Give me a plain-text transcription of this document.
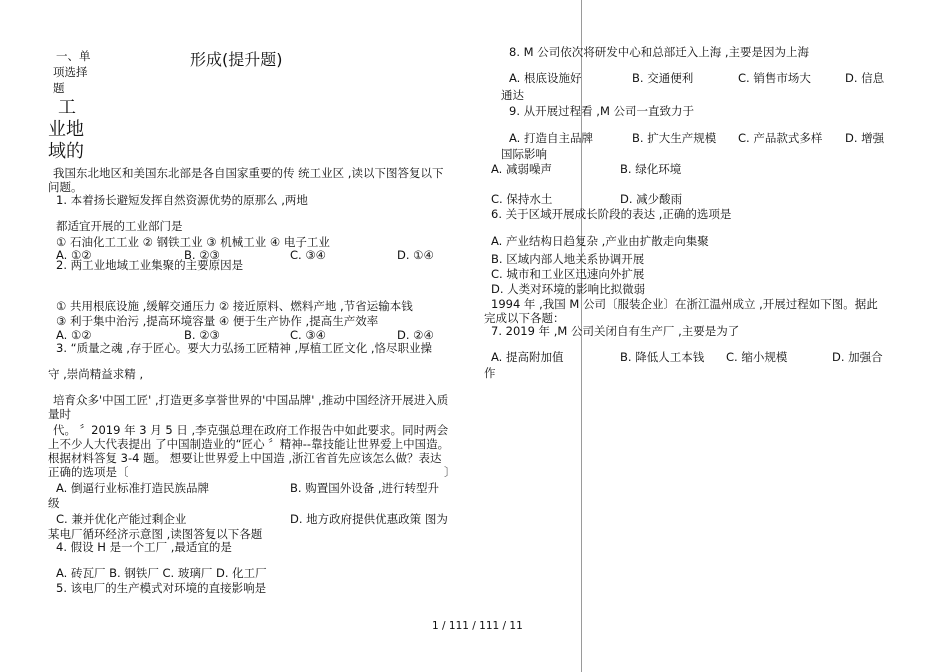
一、单
项选择
题
形成(提升题)
工
业地
域的
我国东北地区和美国东北部是各自国家重要的传 统工业区 ,读以下图答复以下
问题。
1. 本着扬长避短发挥自然资源优势的原那么 ,两地
都适宜开展的工业部门是
① 石油化工工业 ② 钢铁工业 ③ 机械工业 ④ 电子工业
A. ①②	B. ②③	C. ③④	D. ①④
2. 两工业地域工业集聚的主要原因是
① 共用根底设施 ,缓解交通压力 ② 接近原料、燃料产地 ,节省运输本钱
③ 利于集中治污 ,提高环境容量 ④ 便于生产协作 ,提高生产效率
A. ①②	B. ②③	C. ③④	D. ②④
3. “质量之魂 ,存于匠心。要大力弘扬工匠精神 ,厚植工匠文化 ,恪尽职业操
守 ,崇尚精益求精 ,
培育众多'中国工匠' ,打造更多享誉世界的'中国品牌' ,推动中国经济开展进入质
量时
代。 〞2019 年 3 月 5 日 ,李克强总理在政府工作报告中如此要求。同时两会
上不少人大代表提出 了中国制造业的“匠心 〞精神--靠技能让世界爱上中国造。
根据材料答复 3-4 题。 想要让世界爱上中国造 ,浙江省首先应该怎么做？表达
正确的选项是〔	〕
A. 倒逼行业标准打造民族品牌	B. 购置国外设备 ,进行转型升
级
C. 兼并优化产能过剩企业	D. 地方政府提供优惠政策 图为
某电厂循环经济示意图 ,读图答复以下各题
4. 假设 H 是一个工厂 ,最适宜的是
A. 砖瓦厂 B. 钢铁厂 C. 玻璃厂 D. 化工厂
5. 该电厂的生产模式对环境的直接影响是
1 / 111 / 111 / 11
8. M 公司依次将研发中心和总部迁入上海 ,主要是因为上海
A. 根底设施好	B. 交通便利	C. 销售市场大	D. 信息
通达
9. 从开展过程看 ,M 公司一直致力于
A. 打造自主品牌	B. 扩大生产规模 C. 产品款式多样 D. 增强
国际影响
A. 减弱噪声	B. 绿化环境
C. 保持水土	D. 减少酸雨
6. 关于区域开展成长阶段的表达 ,正确的选项是
A. 产业结构日趋复杂 ,产业由扩散走向集聚
B. 区域内部人地关系协调开展
C. 城市和工业区迅速向外扩展
D. 人类对环境的影响比拟微弱
1994 年 ,我国 M 公司〔服装企业〕在浙江温州成立 ,开展过程如下图。据此
完成以下各题：
7. 2019 年 ,M 公司关闭自有生产厂 ,主要是为了
A. 提高附加值	B. 降低人工本钱 C. 缩小规模	D. 加强合
作
